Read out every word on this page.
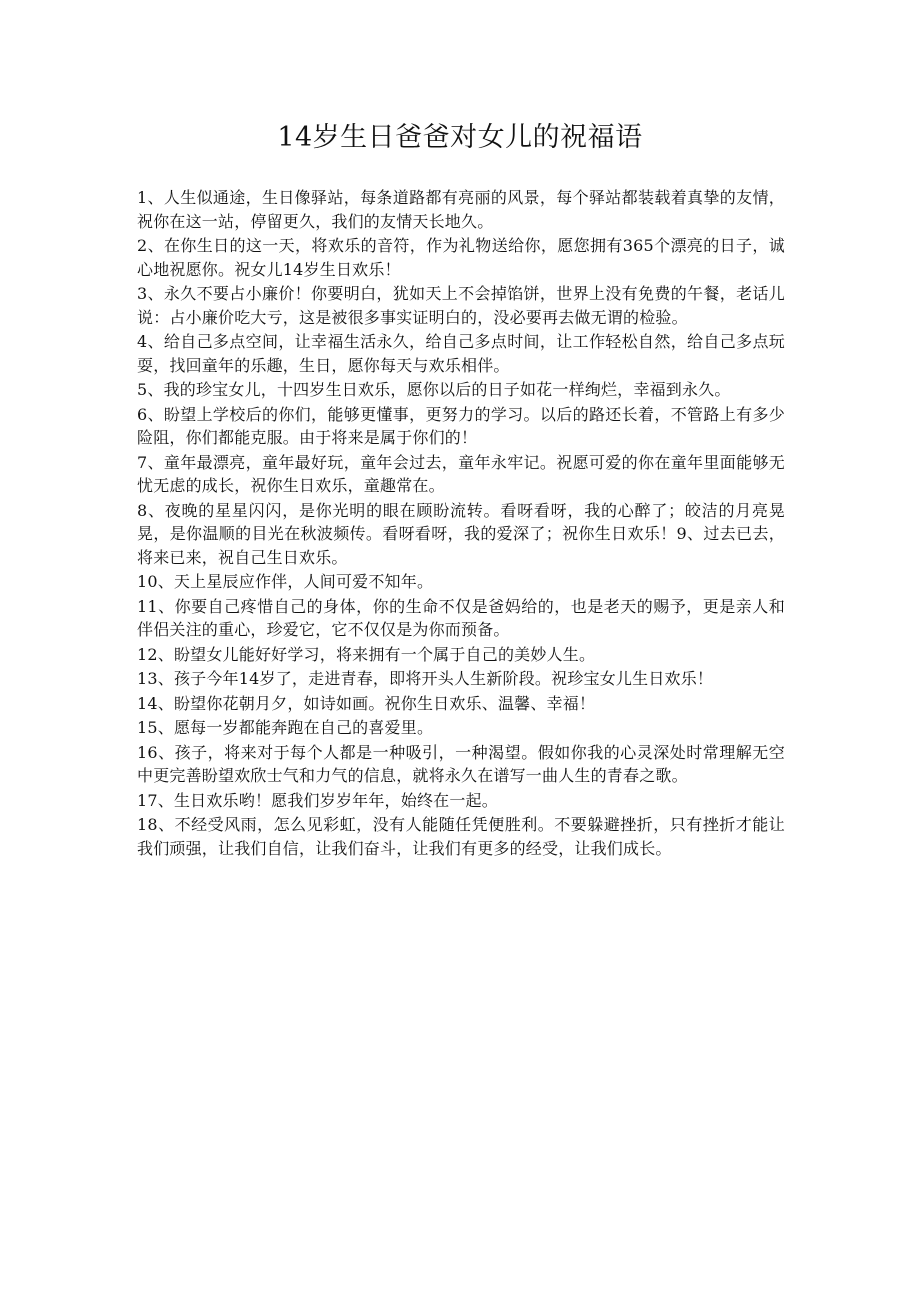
14岁生日爸爸对女儿的祝福语

1、人生似通途，生日像驿站，每条道路都有亮丽的风景，每个驿站都装载着真挚的友情，祝你在这一站，停留更久，我们的友情天长地久。

2、在你生日的这一天，将欢乐的音符，作为礼物送给你，愿您拥有365个漂亮的日子，诚心地祝愿你。祝女儿14岁生日欢乐！

3、永久不要占小廉价！你要明白，犹如天上不会掉馅饼，世界上没有免费的午餐，老话儿说：占小廉价吃大亏，这是被很多事实证明白的，没必要再去做无谓的检验。

4、给自己多点空间，让幸福生活永久，给自己多点时间，让工作轻松自然，给自己多点玩耍，找回童年的乐趣，生日，愿你每天与欢乐相伴。

5、我的珍宝女儿，十四岁生日欢乐，愿你以后的日子如花一样绚烂，幸福到永久。

6、盼望上学校后的你们，能够更懂事，更努力的学习。以后的路还长着，不管路上有多少险阻，你们都能克服。由于将来是属于你们的！

7、童年最漂亮，童年最好玩，童年会过去，童年永牢记。祝愿可爱的你在童年里面能够无忧无虑的成长，祝你生日欢乐，童趣常在。

8、夜晚的星星闪闪，是你光明的眼在顾盼流转。看呀看呀，我的心醉了；皎洁的月亮晃晃，是你温顺的目光在秋波频传。看呀看呀，我的爱深了；祝你生日欢乐！9、过去已去，将来已来，祝自己生日欢乐。

10、天上星辰应作伴，人间可爱不知年。

11、你要自己疼惜自己的身体，你的生命不仅是爸妈给的，也是老天的赐予，更是亲人和伴侣关注的重心，珍爱它，它不仅仅是为你而预备。

12、盼望女儿能好好学习，将来拥有一个属于自己的美妙人生。

13、孩子今年14岁了，走进青春，即将开头人生新阶段。祝珍宝女儿生日欢乐！

14、盼望你花朝月夕，如诗如画。祝你生日欢乐、温馨、幸福！

15、愿每一岁都能奔跑在自己的喜爱里。

16、孩子，将来对于每个人都是一种吸引，一种渴望。假如你我的心灵深处时常理解无空中更完善盼望欢欣士气和力气的信息，就将永久在谱写一曲人生的青春之歌。

17、生日欢乐哟！愿我们岁岁年年，始终在一起。

18、不经受风雨，怎么见彩虹，没有人能随任凭便胜利。不要躲避挫折，只有挫折才能让我们顽强，让我们自信，让我们奋斗，让我们有更多的经受，让我们成长。
